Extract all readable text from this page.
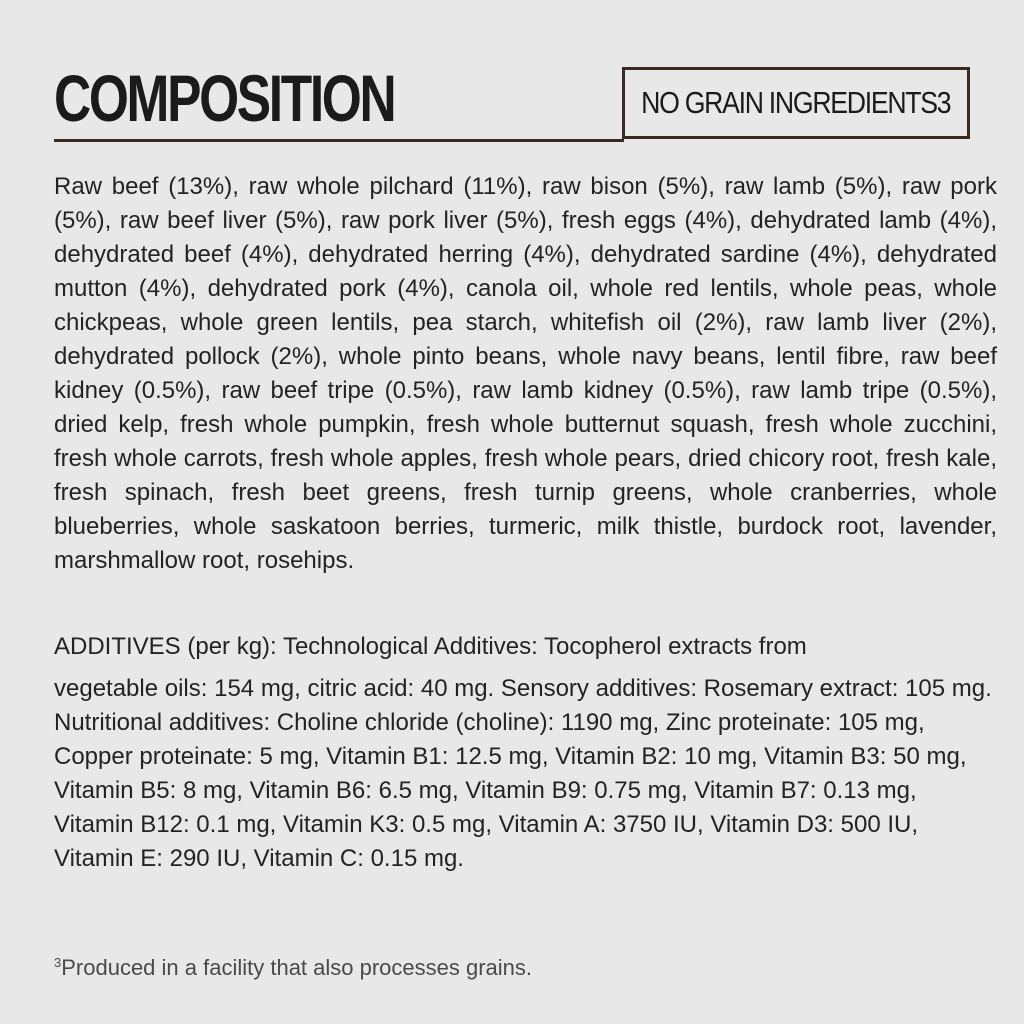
COMPOSITION	NO GRAIN INGREDIENTS3

Raw beef (13%), raw whole pilchard (11%), raw bison (5%), raw lamb (5%), raw pork (5%), raw beef liver (5%), raw pork liver (5%), fresh eggs (4%), dehydrated lamb (4%), dehydrated beef (4%), dehydrated herring (4%), dehydrated sardine (4%), dehydrated mutton (4%), dehydrated pork (4%), canola oil, whole red lentils, whole peas, whole chickpeas, whole green lentils, pea starch, whitefish oil (2%), raw lamb liver (2%), dehydrated pollock (2%), whole pinto beans, whole navy beans, lentil fibre, raw beef kidney (0.5%), raw beef tripe (0.5%), raw lamb kidney (0.5%), raw lamb tripe (0.5%), dried kelp, fresh whole pumpkin, fresh whole butternut squash, fresh whole zucchini, fresh whole carrots, fresh whole apples, fresh whole pears, dried chicory root, fresh kale, fresh spinach, fresh beet greens, fresh turnip greens, whole cranberries, whole blueberries, whole saskatoon berries, turmeric, milk thistle, burdock root, lavender, marshmallow root, rosehips.

ADDITIVES (per kg): Technological Additives: Tocopherol extracts from
vegetable oils: 154 mg, citric acid: 40 mg. Sensory additives: Rosemary extract: 105 mg. Nutritional additives: Choline chloride (choline): 1190 mg, Zinc proteinate: 105 mg, Copper proteinate: 5 mg, Vitamin B1: 12.5 mg, Vitamin B2: 10 mg, Vitamin B3: 50 mg, Vitamin B5: 8 mg, Vitamin B6: 6.5 mg, Vitamin B9: 0.75 mg, Vitamin B7: 0.13 mg, Vitamin B12: 0.1 mg, Vitamin K3: 0.5 mg, Vitamin A: 3750 IU, Vitamin D3: 500 IU, Vitamin E: 290 IU, Vitamin C: 0.15 mg.

$^3$Produced in a facility that also processes grains.
